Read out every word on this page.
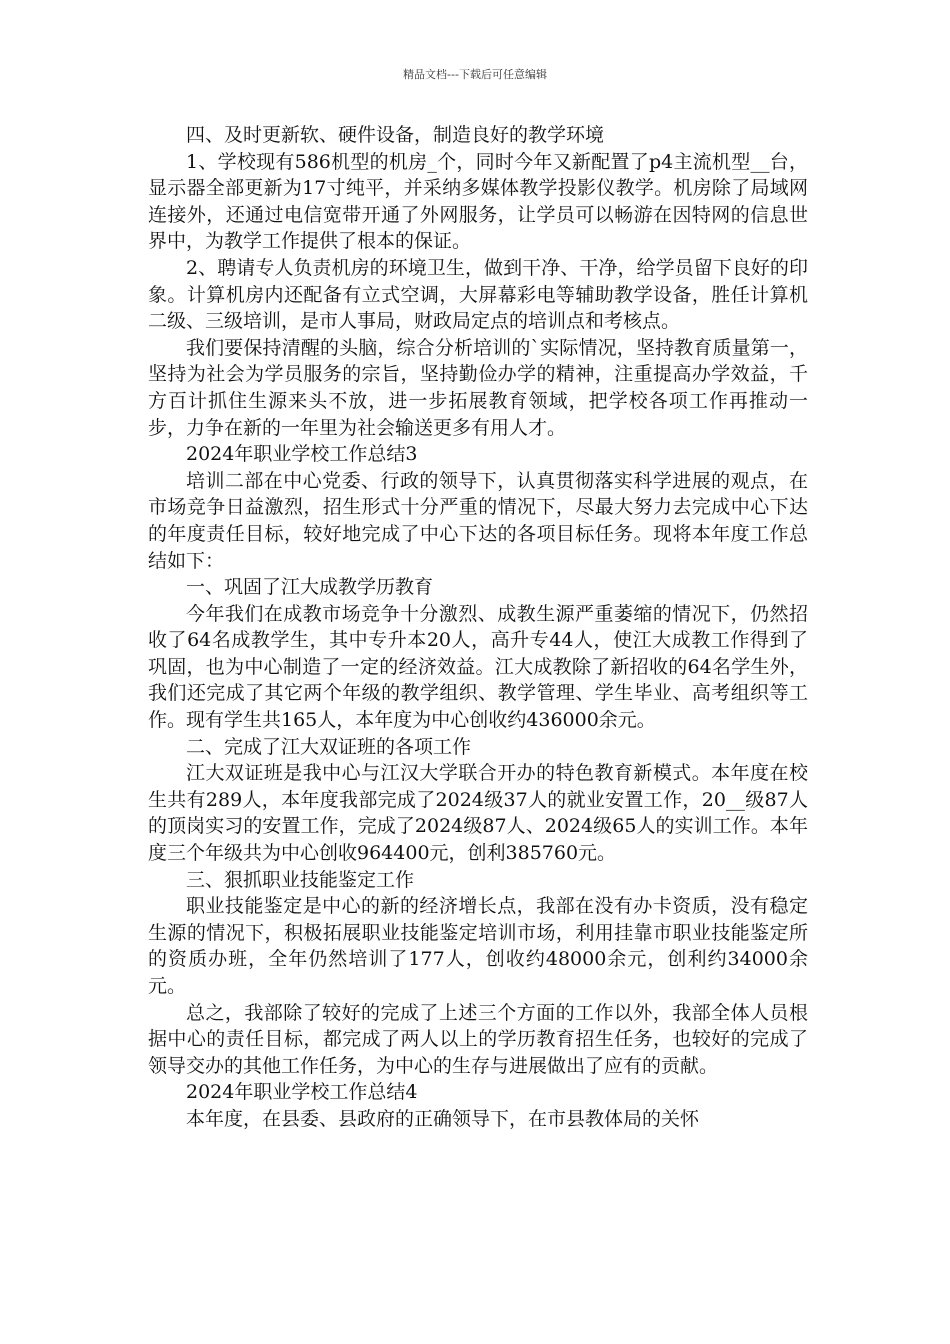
精品文档---下载后可任意编辑

四、及时更新软、硬件设备，制造良好的教学环境

1、学校现有586机型的机房_个，同时今年又新配置了p4主流机型__台，显示器全部更新为17寸纯平，并采纳多媒体教学投影仪教学。机房除了局域网连接外，还通过电信宽带开通了外网服务，让学员可以畅游在因特网的信息世界中，为教学工作提供了根本的保证。

2、聘请专人负责机房的环境卫生，做到干净、干净，给学员留下良好的印象。计算机房内还配备有立式空调，大屏幕彩电等辅助教学设备，胜任计算机二级、三级培训，是市人事局，财政局定点的培训点和考核点。

我们要保持清醒的头脑，综合分析培训的`实际情况，坚持教育质量第一，坚持为社会为学员服务的宗旨，坚持勤俭办学的精神，注重提高办学效益，千方百计抓住生源来头不放，进一步拓展教育领域，把学校各项工作再推动一步，力争在新的一年里为社会输送更多有用人才。

2024年职业学校工作总结3

培训二部在中心党委、行政的领导下，认真贯彻落实科学进展的观点，在市场竞争日益激烈，招生形式十分严重的情况下，尽最大努力去完成中心下达的年度责任目标，较好地完成了中心下达的各项目标任务。现将本年度工作总结如下：

一、巩固了江大成教学历教育

今年我们在成教市场竞争十分激烈、成教生源严重萎缩的情况下，仍然招收了64名成教学生，其中专升本20人，高升专44人，使江大成教工作得到了巩固，也为中心制造了一定的经济效益。江大成教除了新招收的64名学生外，我们还完成了其它两个年级的教学组织、教学管理、学生毕业、高考组织等工作。现有学生共165人，本年度为中心创收约436000余元。

二、完成了江大双证班的各项工作

江大双证班是我中心与江汉大学联合开办的特色教育新模式。本年度在校生共有289人，本年度我部完成了2024级37人的就业安置工作，20__级87人的顶岗实习的安置工作，完成了2024级87人、2024级65人的实训工作。本年度三个年级共为中心创收964400元，创利385760元。

三、狠抓职业技能鉴定工作

职业技能鉴定是中心的新的经济增长点，我部在没有办卡资质，没有稳定生源的情况下，积极拓展职业技能鉴定培训市场，利用挂靠市职业技能鉴定所的资质办班，全年仍然培训了177人，创收约48000余元，创利约34000余元。

总之，我部除了较好的完成了上述三个方面的工作以外，我部全体人员根据中心的责任目标，都完成了两人以上的学历教育招生任务，也较好的完成了领导交办的其他工作任务，为中心的生存与进展做出了应有的贡献。

2024年职业学校工作总结4

本年度，在县委、县政府的正确领导下，在市县教体局的关怀
